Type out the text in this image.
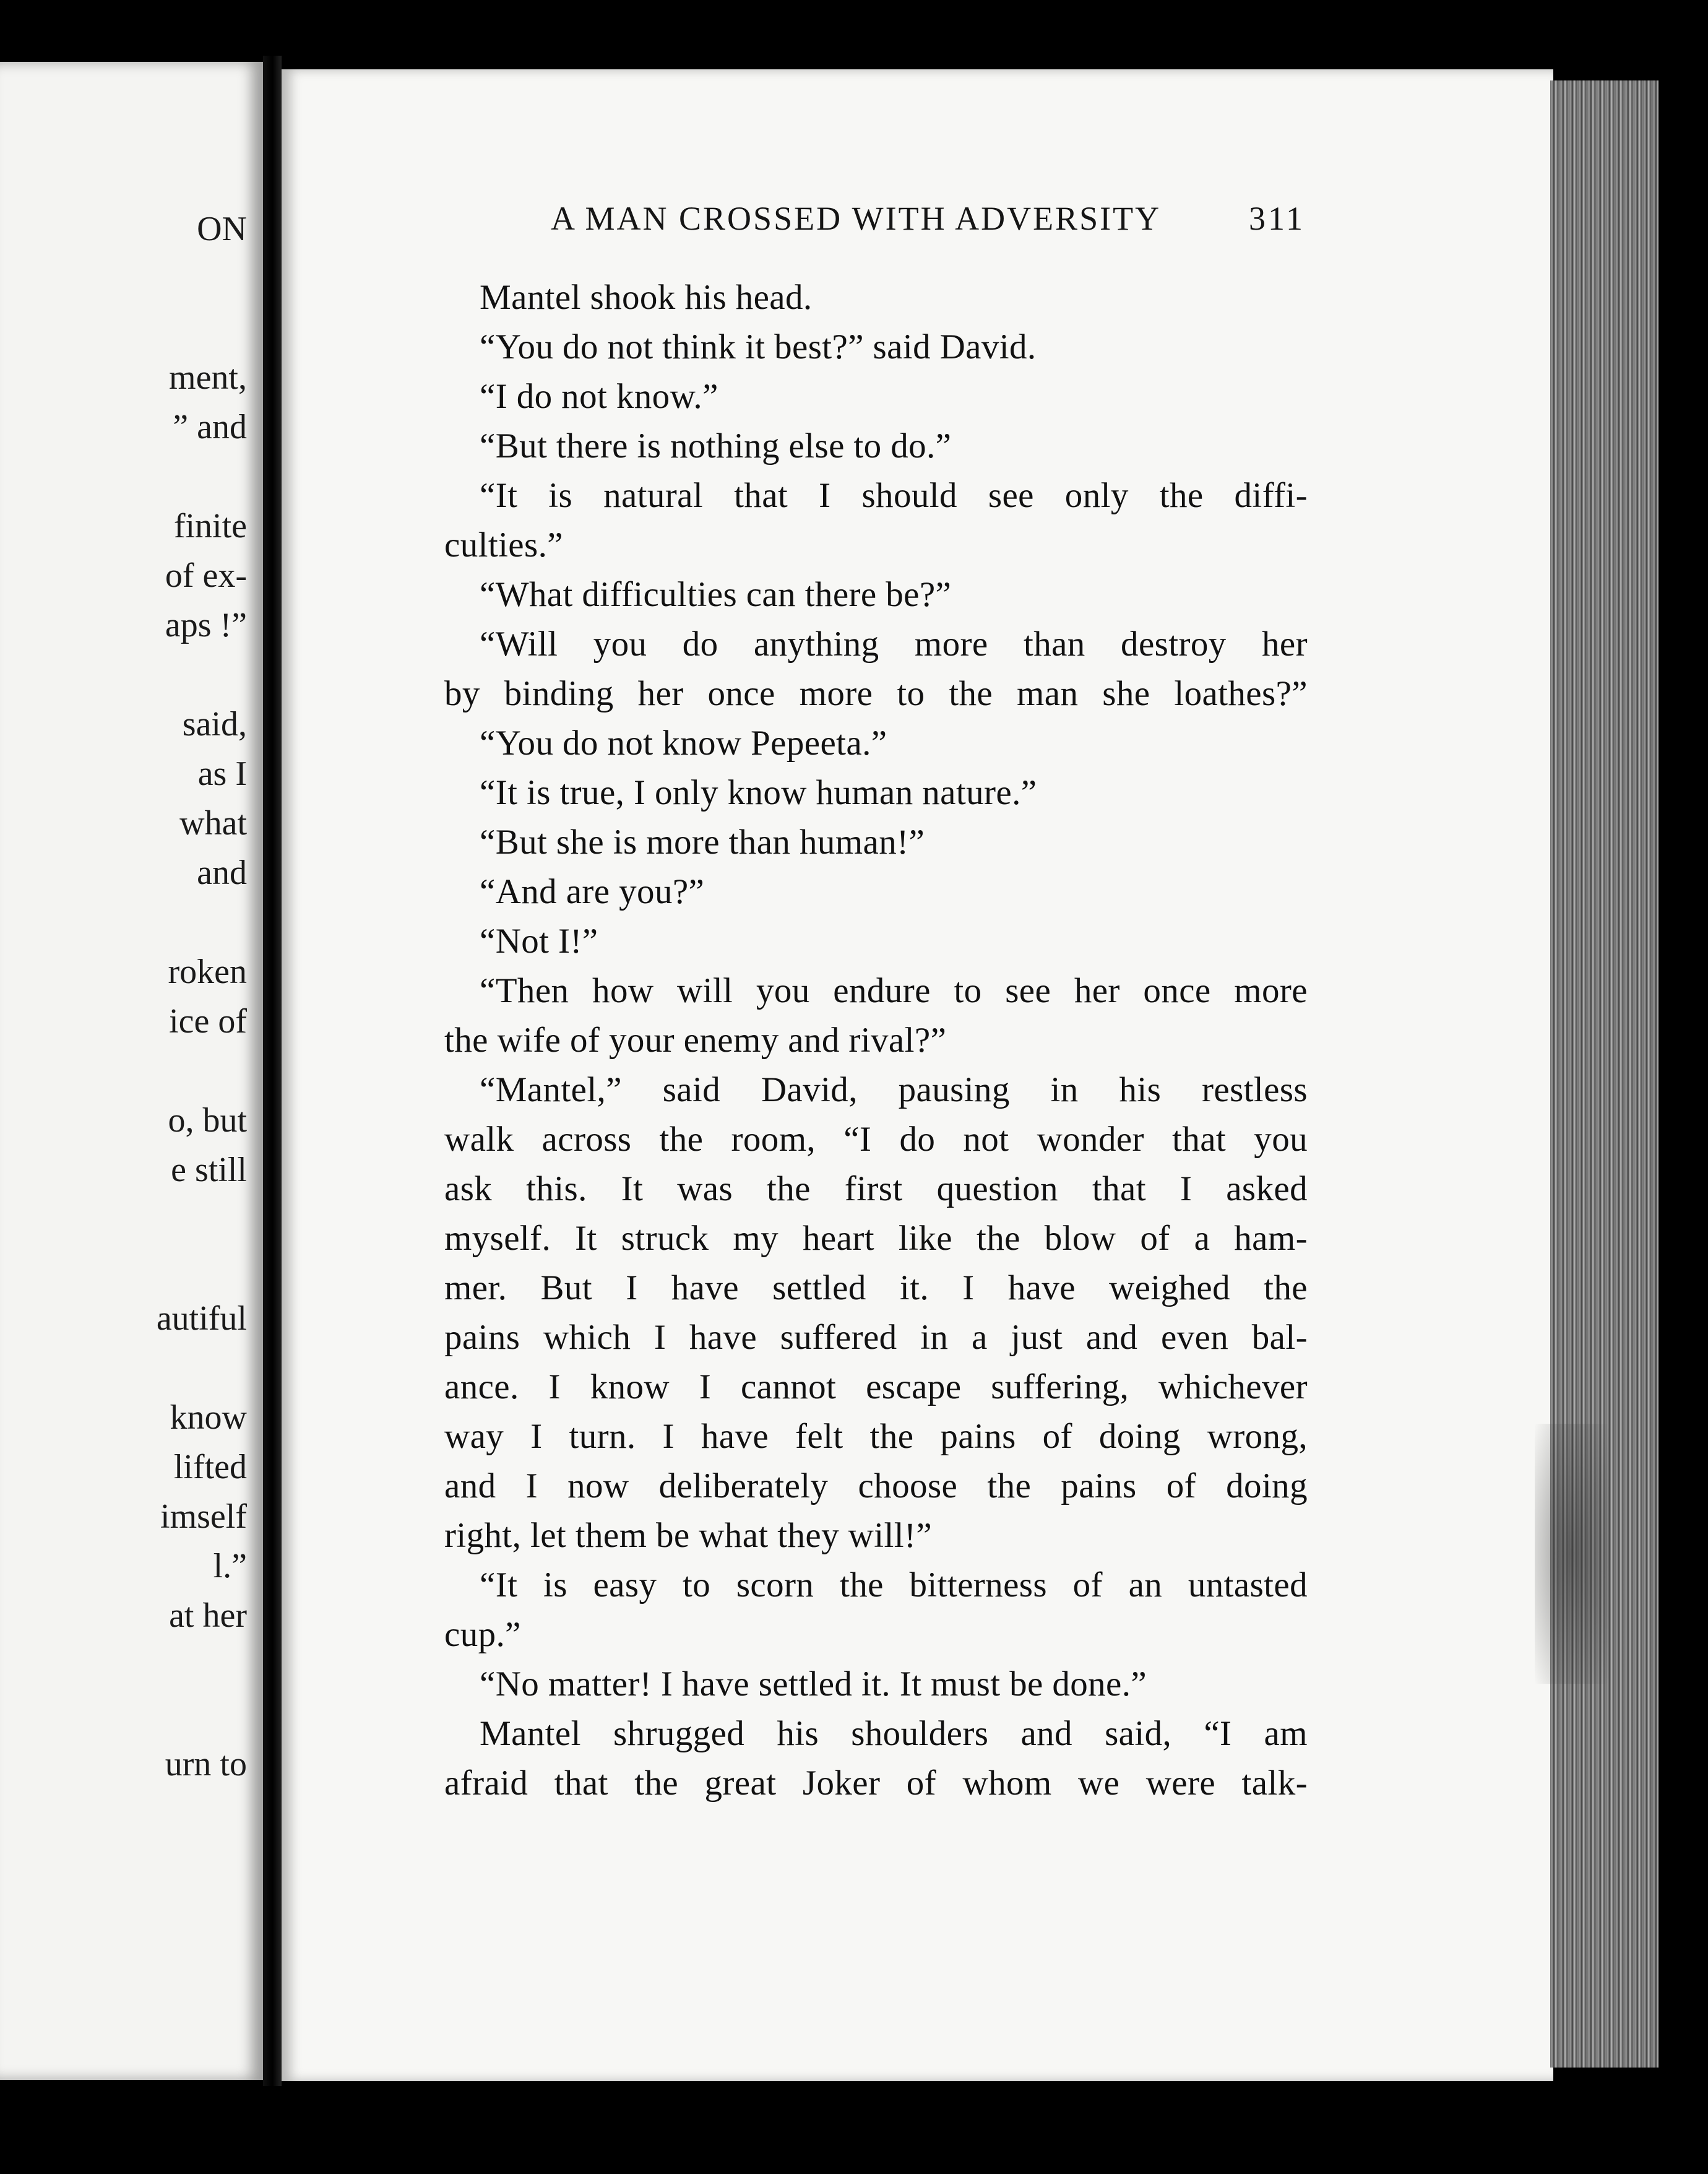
ON
ment,
” and
finite
of ex-
aps !”
said,
as I
what
and
roken
ice of
o, but
e still
autiful
know
lifted
imself
l.”
at her
urn to
A MAN CROSSED WITH ADVERSITY	311
Mantel shook his head.
“You do not think it best?” said David.
“I do not know.”
“But there is nothing else to do.”
“It is natural that I should see only the diffi-
culties.”
“What difficulties can there be?”
“Will you do anything more than destroy her
by binding her once more to the man she loathes?”
“You do not know Pepeeta.”
“It is true, I only know human nature.”
“But she is more than human!”
“And are you?”
“Not I!”
“Then how will you endure to see her once more
the wife of your enemy and rival?”
“Mantel,” said David, pausing in his restless
walk across the room, “I do not wonder that you
ask this. It was the first question that I asked
myself. It struck my heart like the blow of a ham-
mer. But I have settled it. I have weighed the
pains which I have suffered in a just and even bal-
ance. I know I cannot escape suffering, whichever
way I turn. I have felt the pains of doing wrong,
and I now deliberately choose the pains of doing
right, let them be what they will!”
“It is easy to scorn the bitterness of an untasted
cup.”
“No matter! I have settled it. It must be done.”
Mantel shrugged his shoulders and said, “I am
afraid that the great Joker of whom we were talk-
